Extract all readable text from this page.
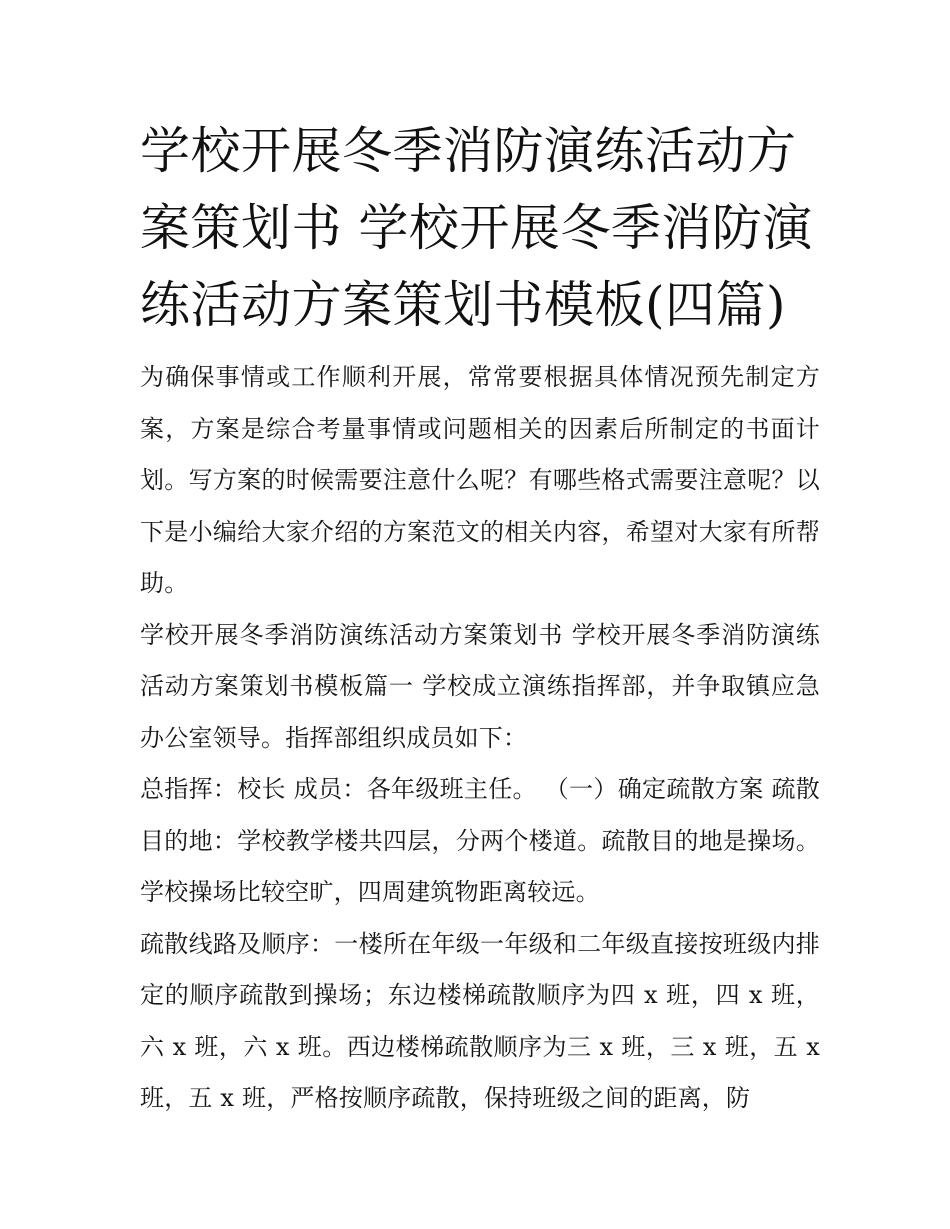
学校开展冬季消防演练活动方案策划书 学校开展冬季消防演练活动方案策划书模板(四篇)

为确保事情或工作顺利开展，常常要根据具体情况预先制定方案，方案是综合考量事情或问题相关的因素后所制定的书面计划。写方案的时候需要注意什么呢？有哪些格式需要注意呢？以下是小编给大家介绍的方案范文的相关内容，希望对大家有所帮助。

学校开展冬季消防演练活动方案策划书 学校开展冬季消防演练活动方案策划书模板篇一 学校成立演练指挥部，并争取镇应急办公室领导。指挥部组织成员如下：

总指挥：校长 成员：各年级班主任。 （一）确定疏散方案 疏散目的地：学校教学楼共四层，分两个楼道。疏散目的地是操场。学校操场比较空旷，四周建筑物距离较远。

疏散线路及顺序：一楼所在年级一年级和二年级直接按班级内排定的顺序疏散到操场；东边楼梯疏散顺序为四 x 班，四 x 班，六 x 班，六 x 班。西边楼梯疏散顺序为三 x 班，三 x 班，五 x 班，五 x 班，严格按顺序疏散，保持班级之间的距离，防
